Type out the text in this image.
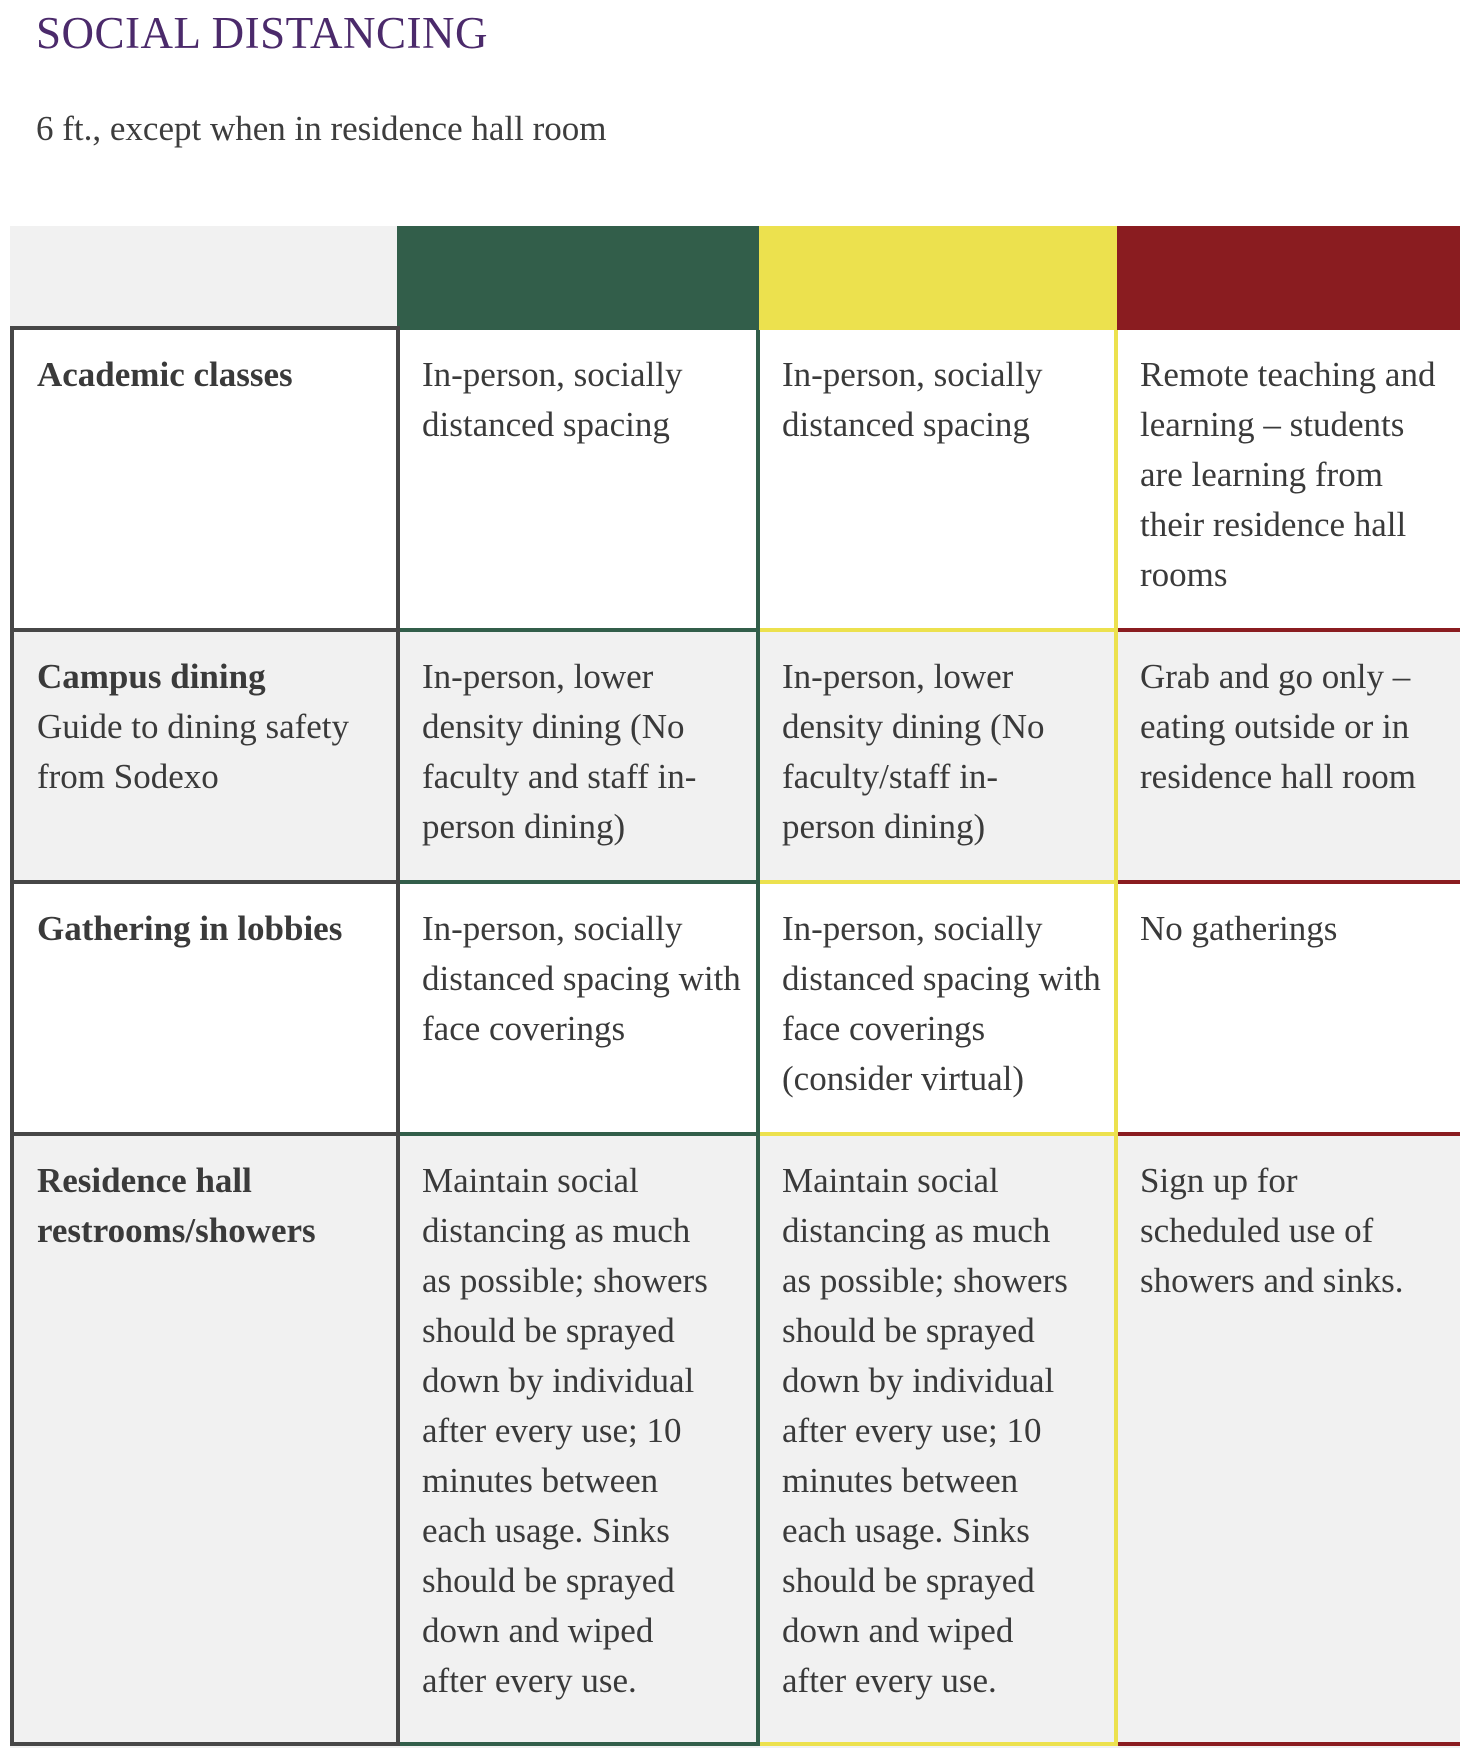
SOCIAL DISTANCING

6 ft., except when in residence hall room

Academic classes	In-person, socially distanced spacing
In-person, socially distanced spacing
Remote teaching and learning – students are learning from their residence hall rooms
Campus dining
Guide to dining safety from Sodexo
In-person, lower density dining (No faculty and staff in-person dining)
In-person, lower density dining (No faculty/staff in-person dining)
Grab and go only – eating outside or in residence hall room
Gathering in lobbies	In-person, socially distanced spacing with face coverings
In-person, socially distanced spacing with face coverings (consider virtual)
No gatherings
Residence hall restrooms/showers
Maintain social distancing as much as possible; showers should be sprayed down by individual after every use; 10 minutes between each usage. Sinks should be sprayed down and wiped after every use.
Maintain social distancing as much as possible; showers should be sprayed down by individual after every use; 10 minutes between each usage. Sinks should be sprayed down and wiped after every use.
Sign up for scheduled use of showers and sinks.
